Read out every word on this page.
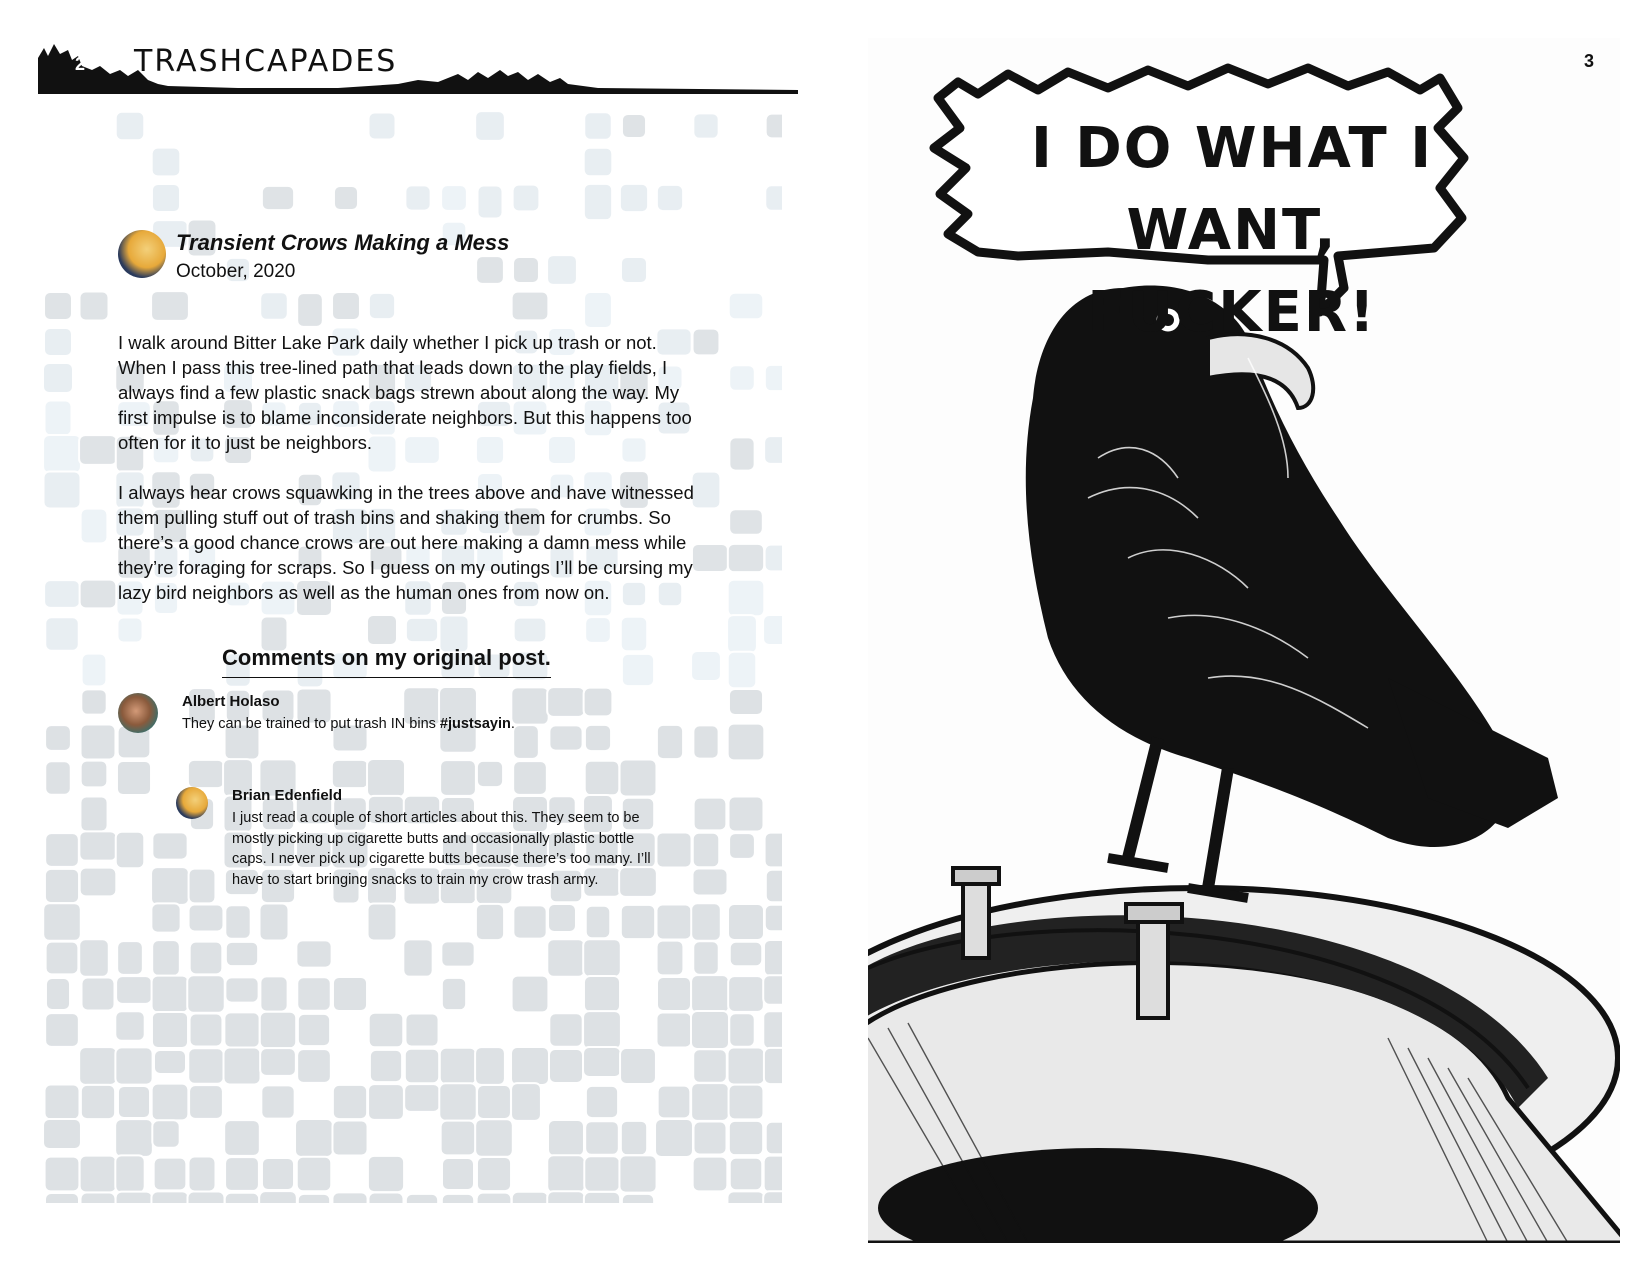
2 TRASHCAPADES
Transient Crows Making a Mess
October, 2020

I walk around Bitter Lake Park daily whether I pick up trash or not. When I pass this tree-lined path that leads down to the play fields, I always find a few plastic snack bags strewn about along the way. My first impulse is to blame inconsiderate neighbors. But this happens too often for it to just be neighbors.

I always hear crows squawking in the trees above and have witnessed them pulling stuff out of trash bins and shaking them for crumbs. So there’s a good chance crows are out here making a damn mess while they’re foraging for scraps. So I guess on my outings I’ll be cursing my lazy bird neighbors as well as the human ones from now on.

Comments on my original post.
Albert Holaso
They can be trained to put trash IN bins #justsayin.
Brian Edenfield
I just read a couple of short articles about this. They seem to be mostly picking up cigarette butts and occasionally plastic bottle caps. I never pick up cigarette butts because there’s too many. I’ll have to start bringing snacks to train my crow trash army.
3
I DO WHAT I
WANT, FUCKER!
